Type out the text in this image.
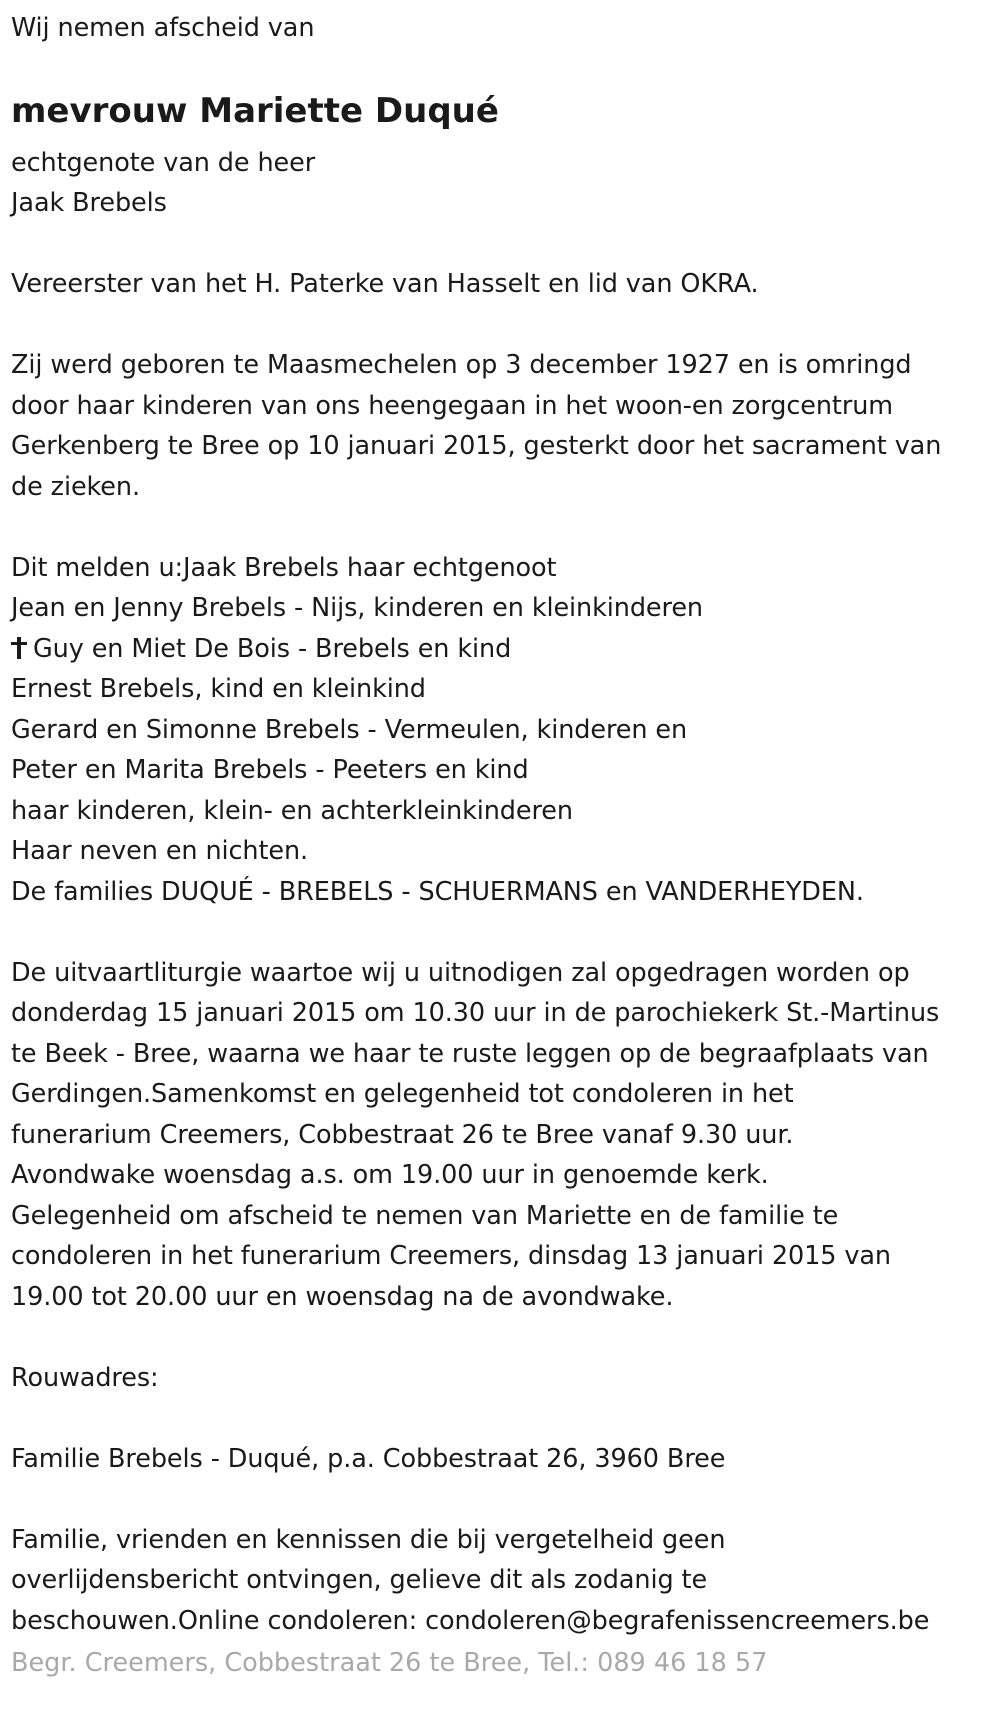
Wij nemen afscheid van
mevrouw Mariette Duqué
echtgenote van de heer
Jaak Brebels
Vereerster van het H. Paterke van Hasselt en lid van OKRA.
Zij werd geboren te Maasmechelen op 3 december 1927 en is omringd
door haar kinderen van ons heengegaan in het woon-en zorgcentrum
Gerkenberg te Bree op 10 januari 2015, gesterkt door het sacrament van
de zieken.
Dit melden u:Jaak Brebels haar echtgenoot
Jean en Jenny Brebels - Nijs, kinderen en kleinkinderen
Guy en Miet De Bois - Brebels en kind
Ernest Brebels, kind en kleinkind
Gerard en Simonne Brebels - Vermeulen, kinderen en
Peter en Marita Brebels - Peeters en kind
haar kinderen, klein- en achterkleinkinderen
Haar neven en nichten.
De families DUQUÉ - BREBELS - SCHUERMANS en VANDERHEYDEN.
De uitvaartliturgie waartoe wij u uitnodigen zal opgedragen worden op
donderdag 15 januari 2015 om 10.30 uur in de parochiekerk St.-Martinus
te Beek - Bree, waarna we haar te ruste leggen op de begraafplaats van
Gerdingen.Samenkomst en gelegenheid tot condoleren in het
funerarium Creemers, Cobbestraat 26 te Bree vanaf 9.30 uur.
Avondwake woensdag a.s. om 19.00 uur in genoemde kerk.
Gelegenheid om afscheid te nemen van Mariette en de familie te
condoleren in het funerarium Creemers, dinsdag 13 januari 2015 van
19.00 tot 20.00 uur en woensdag na de avondwake.
Rouwadres:
Familie Brebels - Duqué, p.a. Cobbestraat 26, 3960 Bree
Familie, vrienden en kennissen die bij vergetelheid geen
overlijdensbericht ontvingen, gelieve dit als zodanig te
beschouwen.Online condoleren: condoleren@begrafenissencreemers.be
Begr. Creemers, Cobbestraat 26 te Bree, Tel.: 089 46 18 57
